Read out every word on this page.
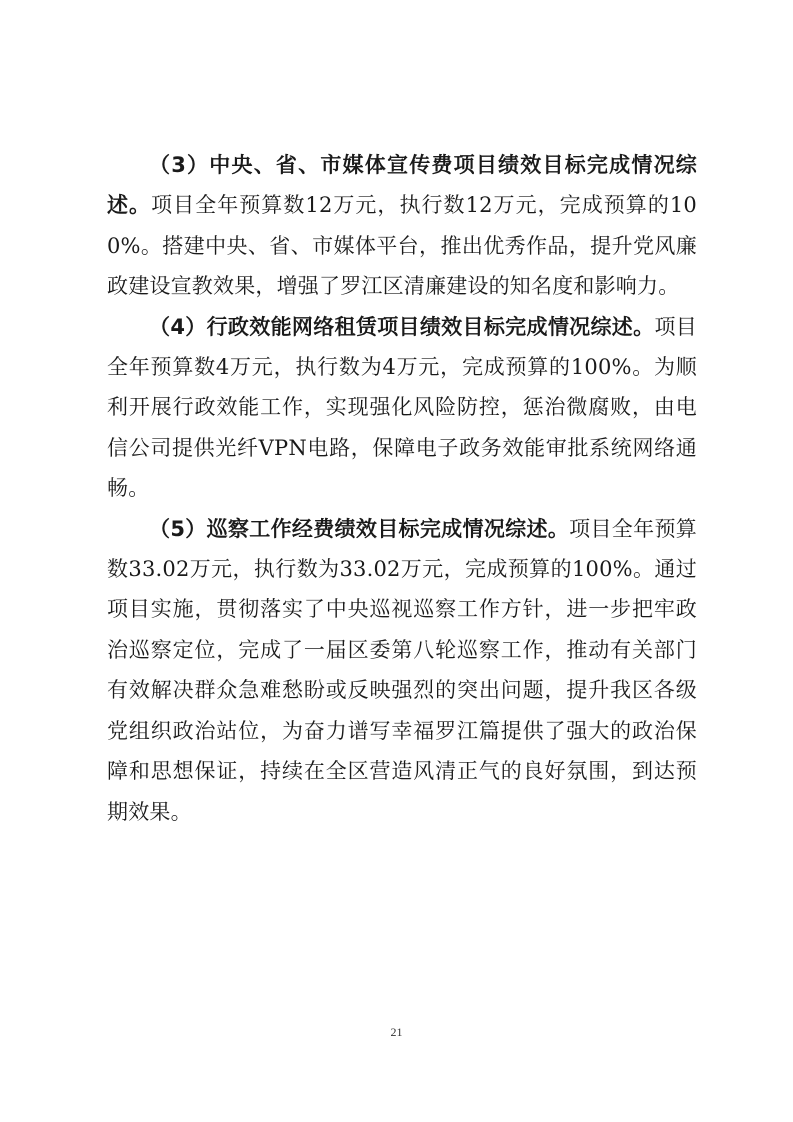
（3）中央、省、市媒体宣传费项目绩效目标完成情况综述。项目全年预算数12万元，执行数12万元，完成预算的100%。搭建中央、省、市媒体平台，推出优秀作品，提升党风廉政建设宣教效果，增强了罗江区清廉建设的知名度和影响力。

（4）行政效能网络租赁项目绩效目标完成情况综述。项目全年预算数4万元，执行数为4万元，完成预算的100%。为顺利开展行政效能工作，实现强化风险防控，惩治微腐败，由电信公司提供光纤VPN电路，保障电子政务效能审批系统网络通畅。

（5）巡察工作经费绩效目标完成情况综述。项目全年预算数33.02万元，执行数为33.02万元，完成预算的100%。通过项目实施，贯彻落实了中央巡视巡察工作方针，进一步把牢政治巡察定位，完成了一届区委第八轮巡察工作，推动有关部门有效解决群众急难愁盼或反映强烈的突出问题，提升我区各级党组织政治站位，为奋力谱写幸福罗江篇提供了强大的政治保障和思想保证，持续在全区营造风清正气的良好氛围，到达预期效果。

21
